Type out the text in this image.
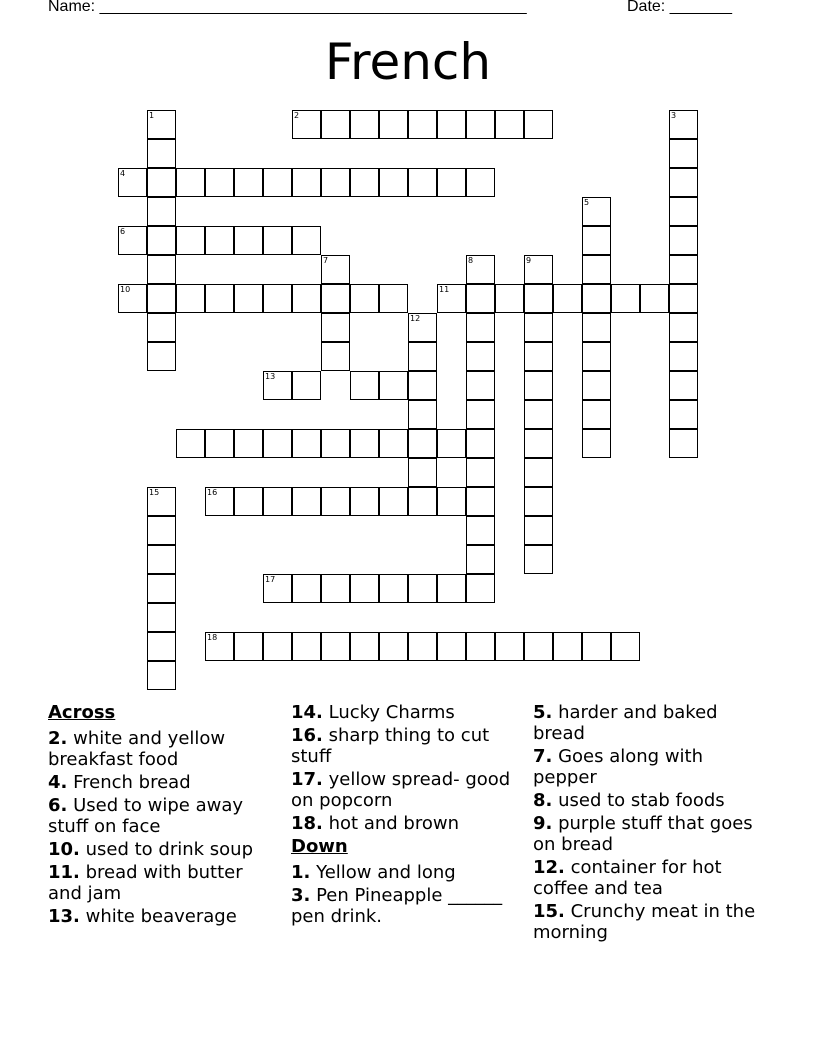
Name: ________________________________________________	Date: _______
French
1	2	3
4
5
6
7	8	9
10	11
12
13
15	16
17
18
Across
2. white and yellow breakfast food
4. French bread
6. Used to wipe away stuff on face
10. used to drink soup
11. bread with butter and jam
13. white beaverage
14. Lucky Charms
16. sharp thing to cut stuff
17. yellow spread- good on popcorn
18. hot and brown
Down
1. Yellow and long
3. Pen Pineapple ______ pen drink.
5. harder and baked bread
7. Goes along with pepper
8. used to stab foods
9. purple stuff that goes on bread
12. container for hot coffee and tea
15. Crunchy meat in the morning
